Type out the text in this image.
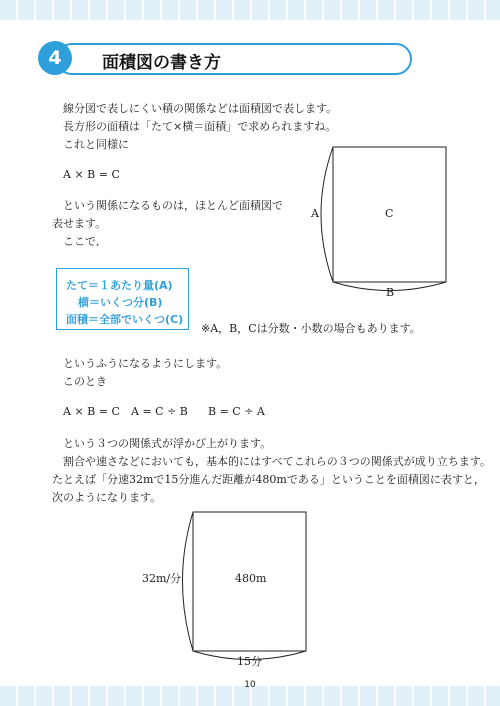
4	面積図の書き方
線分図で表しにくい積の関係などは面積図で表します。
長方形の面積は「たて×横＝面積」で求められますね。
これと同様に
A × B = C
という関係になるものは，ほとんど面積図で
表せます。
ここで,
たて＝１あたり量(A)
横＝いくつ分(B)
面積＝全部でいくつ(C)
※A，B，Cは分数・小数の場合もあります。
A	C
B
というふうになるようにします。
このとき
A × B = C A = C ÷ B B = C ÷ A
という３つの関係式が浮かび上がります。
割合や速さなどにおいても，基本的にはすべてこれらの３つの関係式が成り立ちます。
たとえば「分速32mで15分進んだ距離が480mである」ということを面積図に表すと，
次のようになります。
32m/分	480m
15分
10
